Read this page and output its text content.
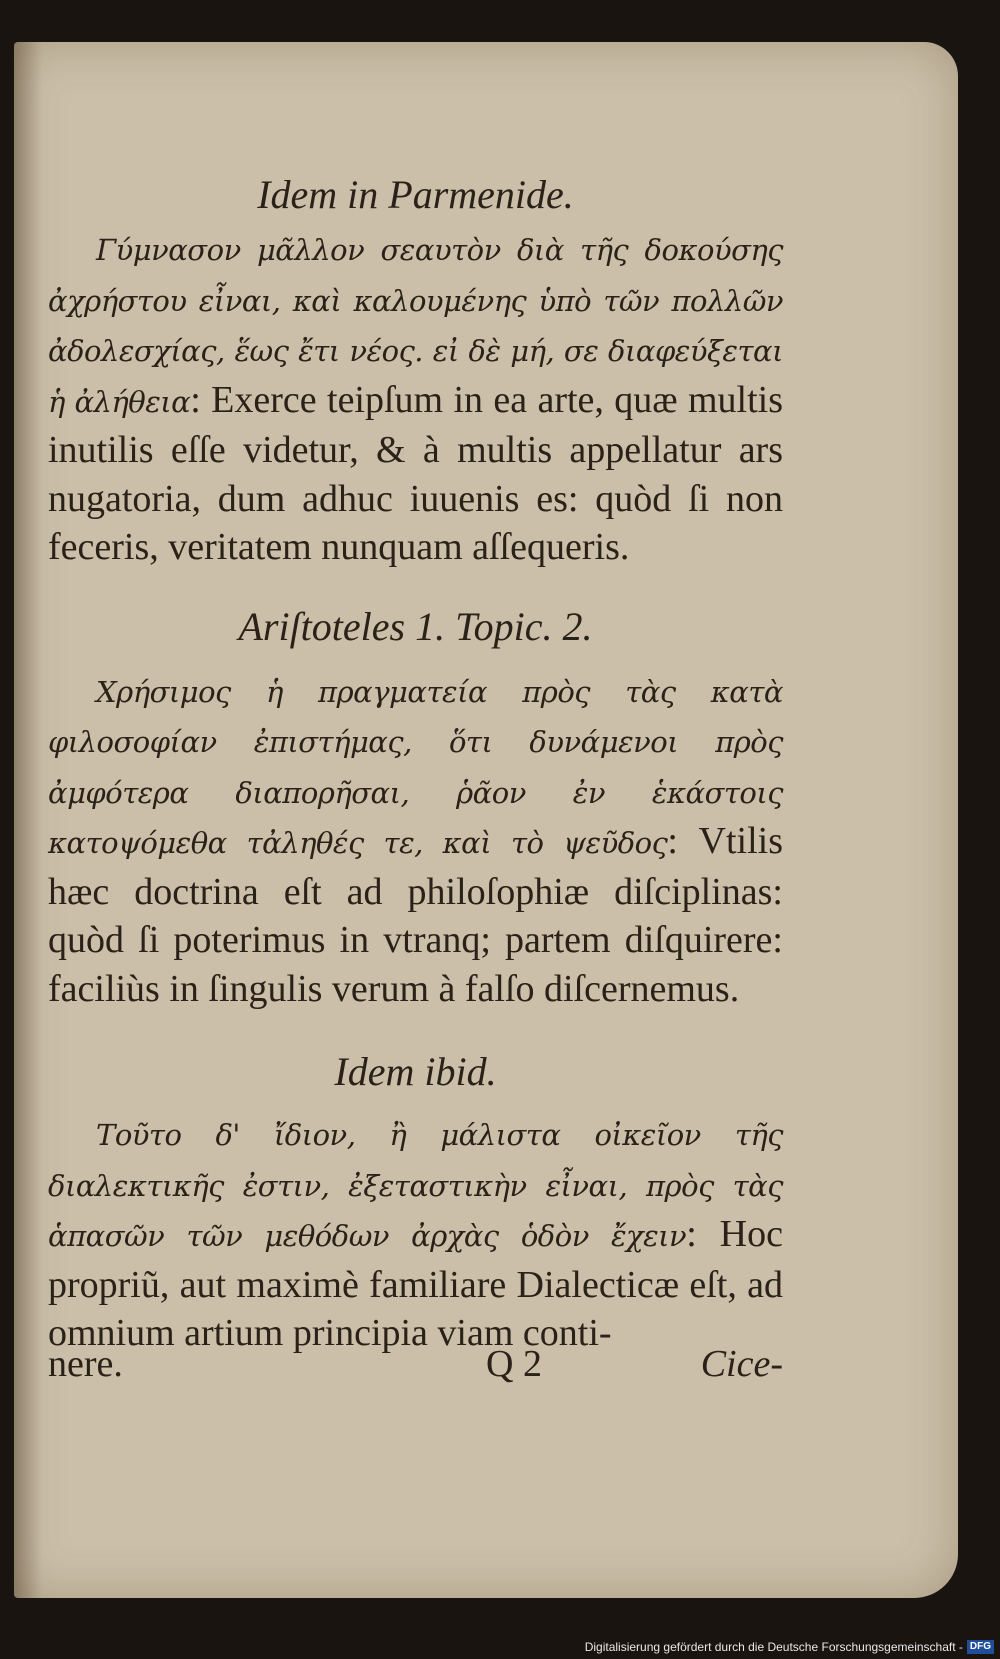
Idem in Parmenide.

Γύμνασον μᾶλλον σεαυτὸν διὰ τῆς δοκούσης ἀχρήστου εἶναι, καὶ καλουμένης ὑπὸ τῶν πολλῶν ἀδολεσχίας, ἕως ἔτι νέος. εἰ δὲ μή, σε διαφεύξεται ἡ ἀλήθεια: Exerce teipſum in ea arte, quæ multis inutilis eſſe videtur, & à multis appellatur ars nugatoria, dum adhuc iuuenis es: quòd ſi non feceris, veritatem nunquam aſſequeris.

Ariſtoteles 1. Topic. 2.

Χρήσιμος ἡ πραγματεία πρὸς τὰς κατὰ φιλοσοφίαν ἐπιστήμας, ὅτι δυνάμενοι πρὸς ἀμφότερα διαπορῆσαι, ῥᾶον ἐν ἑκάστοις κατοψόμεθα τἀληθές τε, καὶ τὸ ψεῦδος: Vtilis hæc doctrina eſt ad philoſophiæ diſciplinas: quòd ſi poterimus in vtranq; partem diſquirere: faciliùs in ſingulis verum à falſo diſcernemus.

Idem ibid.

Τοῦτο δ' ἴδιον, ἢ μάλιστα οἰκεῖον τῆς διαλεκτικῆς ἐστιν, ἐξεταστικὴν εἶναι, πρὸς τὰς ἁπασῶν τῶν μεθόδων ἀρχὰς ὁδὸν ἔχειν: Hoc propriũ, aut maximè familiare Dialecticæ eſt, ad omnium artium principia viam conti-

nere.	Q 2	Cice-
Digitalisierung gefördert durch die Deutsche Forschungsgemeinschaft - DFG
